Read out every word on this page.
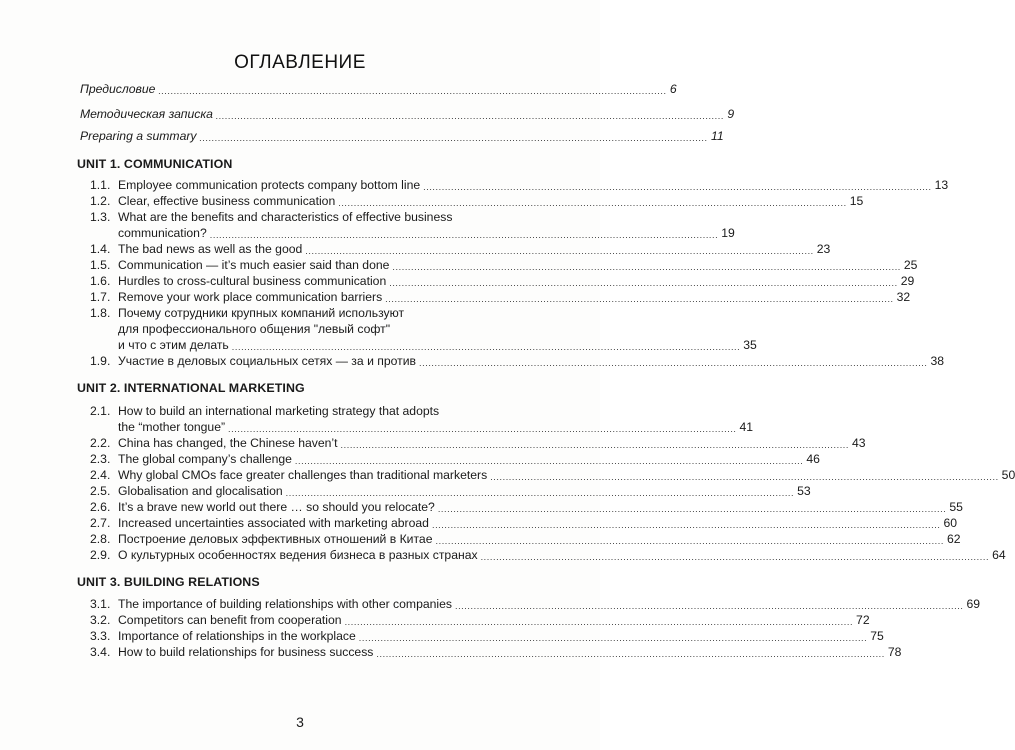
ОГЛАВЛЕНИЕ
Предисловие .................................................................................................................................................................... 6
Методическая записка .................................................................................................................................................................... 9
Preparing a summary .................................................................................................................................................................... 11
UNIT 1. COMMUNICATION
1.1. Employee communication protects company bottom line .................................................................................................................................................................... 13
1.2. Clear, effective business communication .................................................................................................................................................................... 15
1.3. What are the benefits and characteristics of effective business
communication? .................................................................................................................................................................... 19
1.4. The bad news as well as the good .................................................................................................................................................................... 23
1.5. Communication — it’s much easier said than done .................................................................................................................................................................... 25
1.6. Hurdles to cross-cultural business communication .................................................................................................................................................................... 29
1.7. Remove your work place communication barriers .................................................................................................................................................................... 32
1.8. Почему сотрудники крупных компаний используют
для профессионального общения "левый софт"
и что с этим делать .................................................................................................................................................................... 35
1.9. Участие в деловых социальных сетях — за и против .................................................................................................................................................................... 38
UNIT 2. INTERNATIONAL MARKETING
2.1. How to build an international marketing strategy that adopts
the “mother tongue” .................................................................................................................................................................... 41
2.2. China has changed, the Chinese haven’t .................................................................................................................................................................... 43
2.3. The global company’s challenge .................................................................................................................................................................... 46
2.4. Why global CMOs face greater challenges than traditional marketers .................................................................................................................................................................... 50
2.5. Globalisation and glocalisation .................................................................................................................................................................... 53
2.6. It’s a brave new world out there … so should you relocate? .................................................................................................................................................................... 55
2.7. Increased uncertainties associated with marketing abroad .................................................................................................................................................................... 60
2.8. Построение деловых эффективных отношений в Китае .................................................................................................................................................................... 62
2.9. О культурных особенностях ведения бизнеса в разных странах .................................................................................................................................................................... 64
UNIT 3. BUILDING RELATIONS
3.1. The importance of building relationships with other companies .................................................................................................................................................................... 69
3.2. Competitors can benefit from cooperation .................................................................................................................................................................... 72
3.3. Importance of relationships in the workplace .................................................................................................................................................................... 75
3.4. How to build relationships for business success .................................................................................................................................................................... 78
3
